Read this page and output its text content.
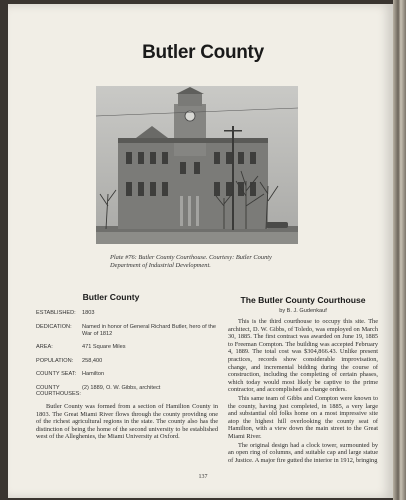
Butler County
Plate #76: Butler County Courthouse. Courtesy: Butler County Department of Industrial Development.
Butler County
ESTABLISHED:	1803
DEDICATION:	Named in honor of General Richard Butler, hero of the War of 1812
AREA:	471 Square Miles
POPULATION:	258,400
COUNTY SEAT:	Hamilton
COUNTY COURTHOUSES:
(2) 1889, O. W. Gibbs, architect

Butler County was formed from a section of Hamilton County in 1803. The Great Miami River flows through the county providing one of the richest agricultural regions in the state. The county also has the distinction of being the home of the second university to be established west of the Alleghenies, the Miami University at Oxford.

The Butler County Courthouse
by B. J. Gudenkauf

This is the third courthouse to occupy this site. The architect, D. W. Gibbs, of Toledo, was employed on March 30, 1885. The first contract was awarded on June 19, 1885 to Freeman Compton. The building was accepted February 4, 1889. The total cost was $304,866.43. Unlike present practices, records show considerable improvisation, change, and incremental bidding during the course of construction, including the completing of certain phases, which today would most likely be captive to the prime contractor, and accomplished as change orders.

This same team of Gibbs and Compton were known to the county, having just completed, in 1885, a very large and substantial old folks home on a most impressive site atop the highest hill overlooking the county seat of Hamilton, with a view down the main street to the Great Miami River.

The original design had a clock tower, surmounted by an open ring of columns, and suitable cap and large statue of Justice. A major fire gutted the interior in 1912, bringing

137
